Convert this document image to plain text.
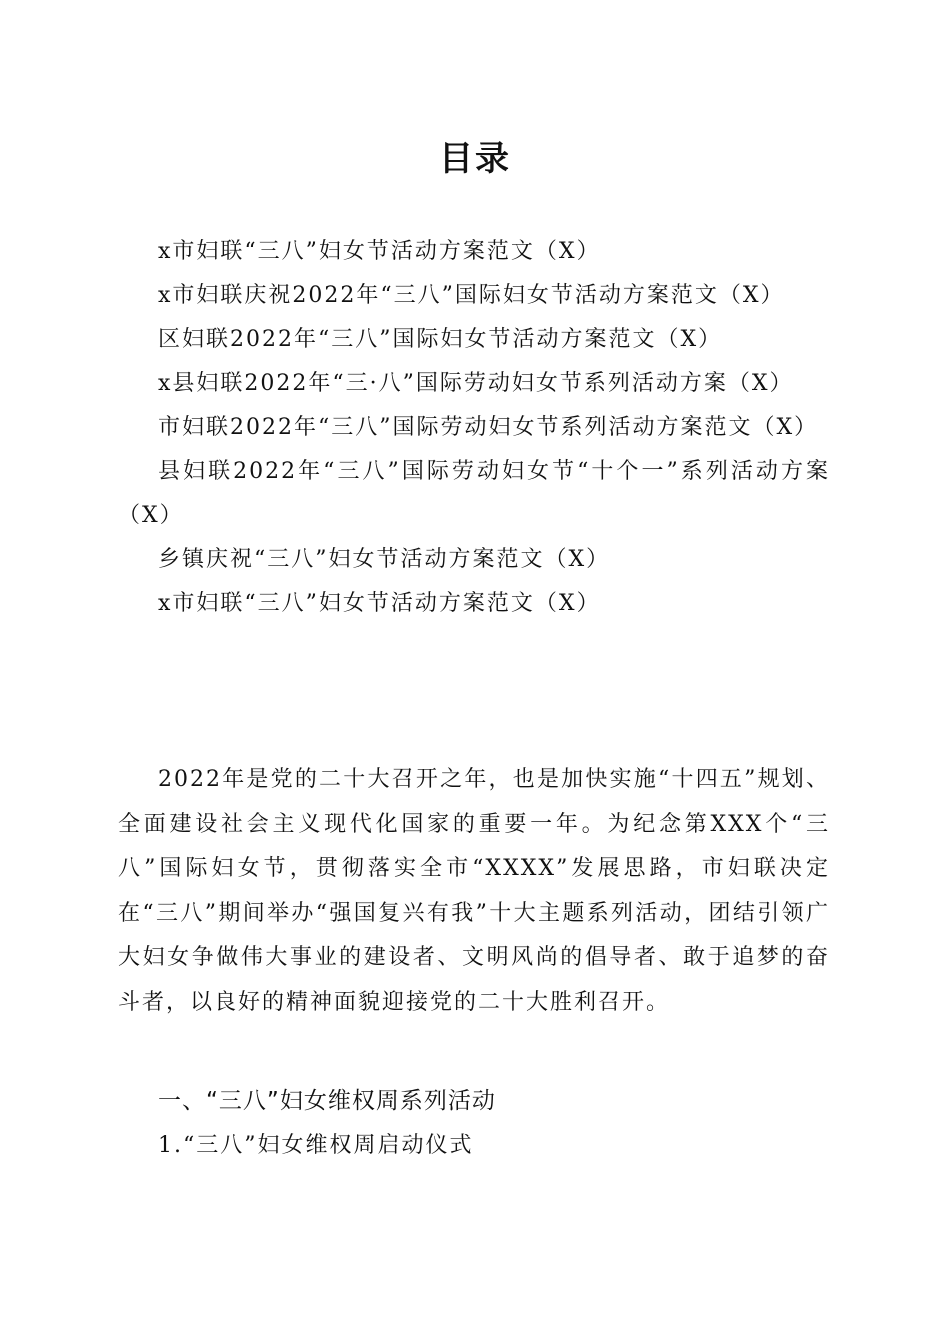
目录
x市妇联“三八”妇女节活动方案范文（X）
x市妇联庆祝2022年“三八”国际妇女节活动方案范文（X）
区妇联2022年“三八”国际妇女节活动方案范文（X）
x县妇联2022年“三·八”国际劳动妇女节系列活动方案（X）
市妇联2022年“三八”国际劳动妇女节系列活动方案范文（X）
县妇联2022年“三八”国际劳动妇女节“十个一”系列活动方案（X）
乡镇庆祝“三八”妇女节活动方案范文（X）
x市妇联“三八”妇女节活动方案范文（X）

2022年是党的二十大召开之年，也是加快实施“十四五”规划、全面建设社会主义现代化国家的重要一年。为纪念第XXX个“三八”国际妇女节，贯彻落实全市“XXXX”发展思路，市妇联决定在“三八”期间举办“强国复兴有我”十大主题系列活动，团结引领广大妇女争做伟大事业的建设者、文明风尚的倡导者、敢于追梦的奋斗者，以良好的精神面貌迎接党的二十大胜利召开。

一、“三八”妇女维权周系列活动

1.“三八”妇女维权周启动仪式
